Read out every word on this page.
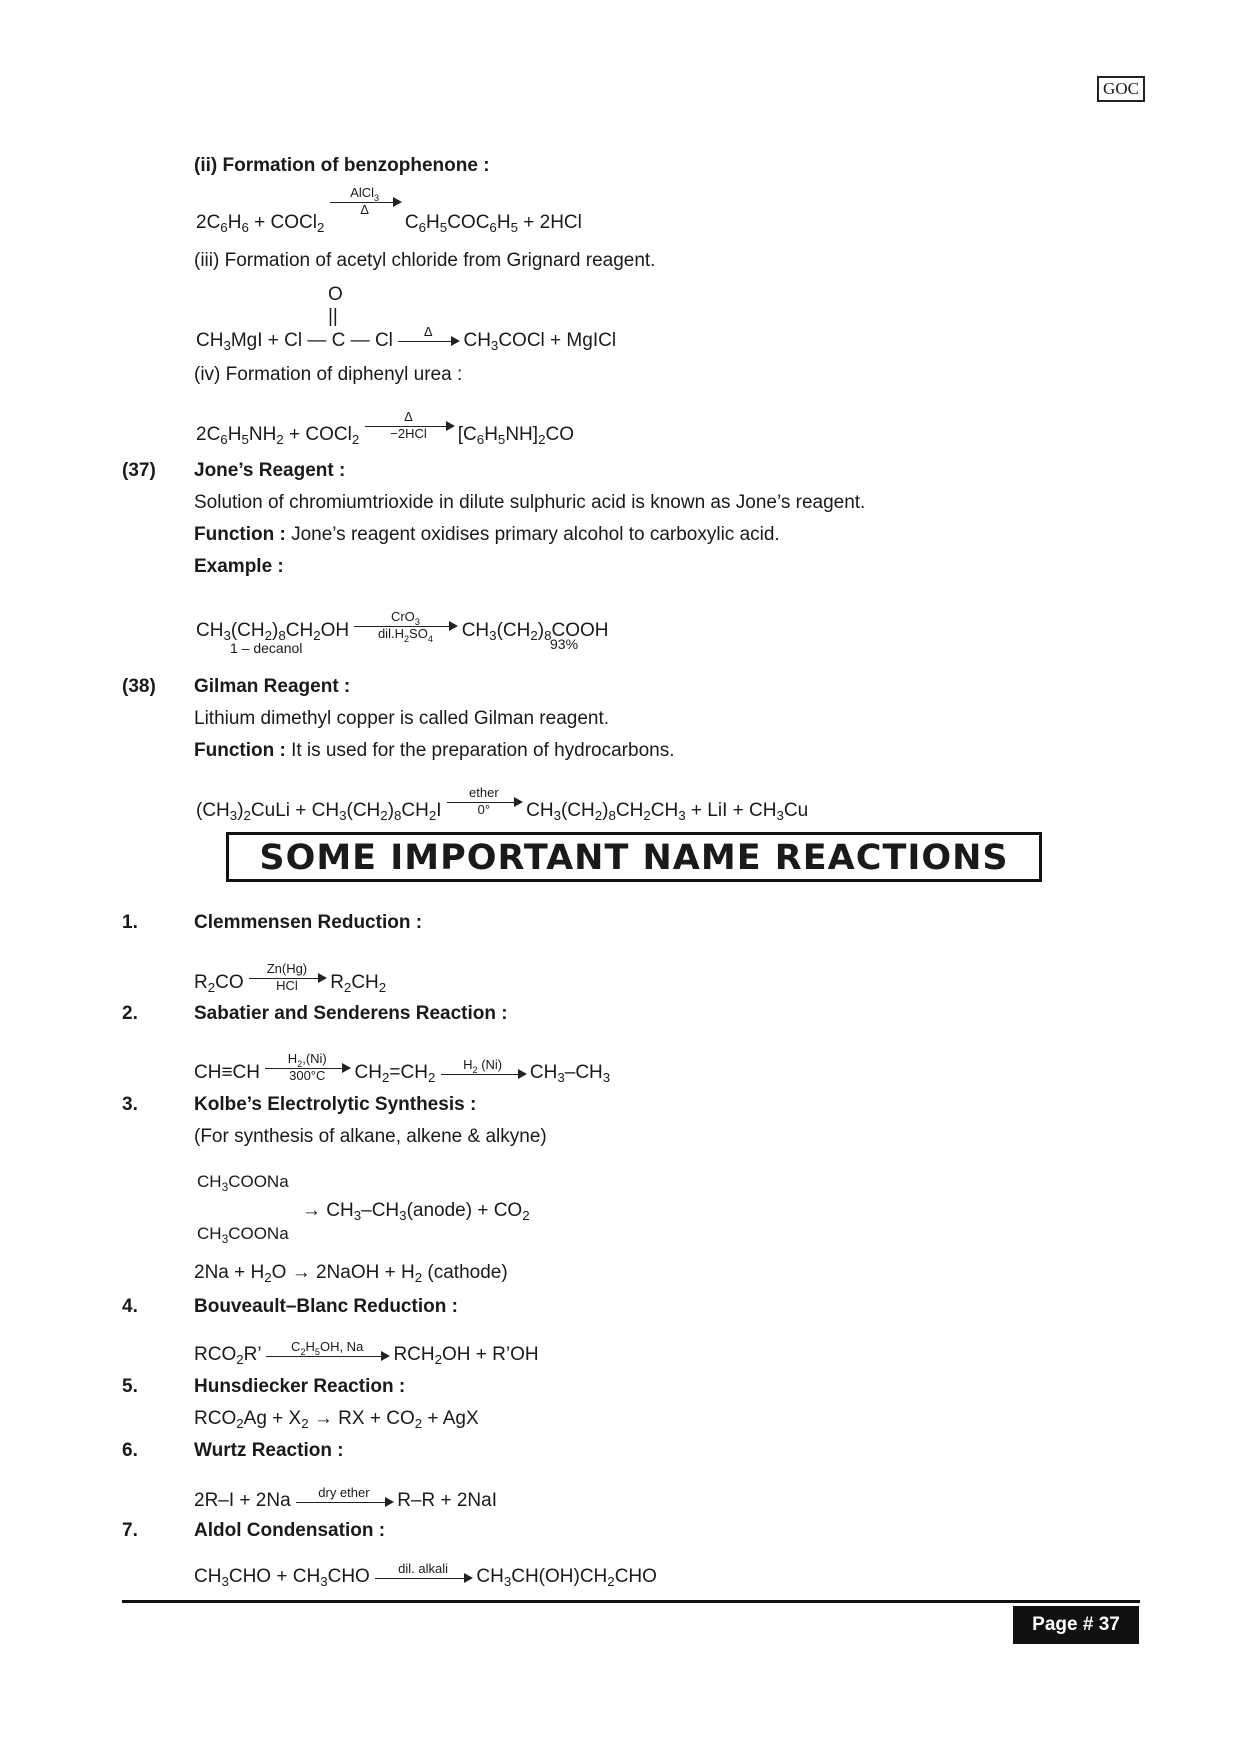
GOC
(ii) Formation of benzophenone :
$2C_6H_6$ + COCl$_2$
AlCl$_3$
Δ
$C_6H_5COC_6H_5 + 2HCl$
(iii) Formation of acetyl chloride from Grignard reagent.
O
||
$CH_3MgI + Cl$ — C — Cl	Δ	$CH_3COCl$ + MgICl
(iv) Formation of diphenyl urea :
$2C_6H_5NH_2$ + COCl$_2$
Δ
−2HCl	$[C_6H_5NH]_2CO$
(37) Jone’s Reagent :
Solution of chromiumtrioxide in dilute sulphuric acid is known as Jone’s reagent.
Function : Jone’s reagent oxidises primary alcohol to carboxylic acid.
Example :
$CH_3(CH_2)_8CH_2OH$
CrO$_3$
$dil.H_2SO_4$	$CH_3(CH_2)_8COOH$
1 – decanol	93%
(38) Gilman Reagent :
Lithium dimethyl copper is called Gilman reagent.
Function : It is used for the preparation of hydrocarbons.
$(CH_3)_2CuLi + CH_3(CH_2)_8CH_2I$
ether
0°	$CH_3(CH_2)_8CH_2CH_3$ + LiI + $CH_3Cu$
SOME IMPORTANT NAME REACTIONS
1.	Clemmensen Reduction :
$R_2CO$
Zn(Hg)
HCl	$R_2CH_2$
2.	Sabatier and Senderens Reaction :
$CH\equiv CH \frac{H_2,(Ni)}{300^\circ C} CH_2=CH_2$
$H_2$ (Ni)	$CH_3-CH_3$
3.	Kolbe’s Electrolytic Synthesis :
(For synthesis of alkane, alkene & alkyne)
$CH_3COONa$
$CH_3COONa$
→ $CH_3-CH_3(anode) + CO_2$
$2Na + H_2O$ → 2NaOH + $H_2$ (cathode)
4.	Bouveault–Blanc Reduction :
$RCO_2R$’	$C_2H_5OH$, Na	$RCH_2OH$ + R’OH
5.	Hunsdiecker Reaction :
$RCO_2Ag + X_2$ → RX + $CO_2$ + AgX
6.	Wurtz Reaction :
2R–I + 2Na	dry ether	R–R + 2NaI
7.	Aldol Condensation :
$CH_3CHO + CH_3CHO$	dil. alkali	$CH_3CH(OH)CH_2CHO$
Page # 37
